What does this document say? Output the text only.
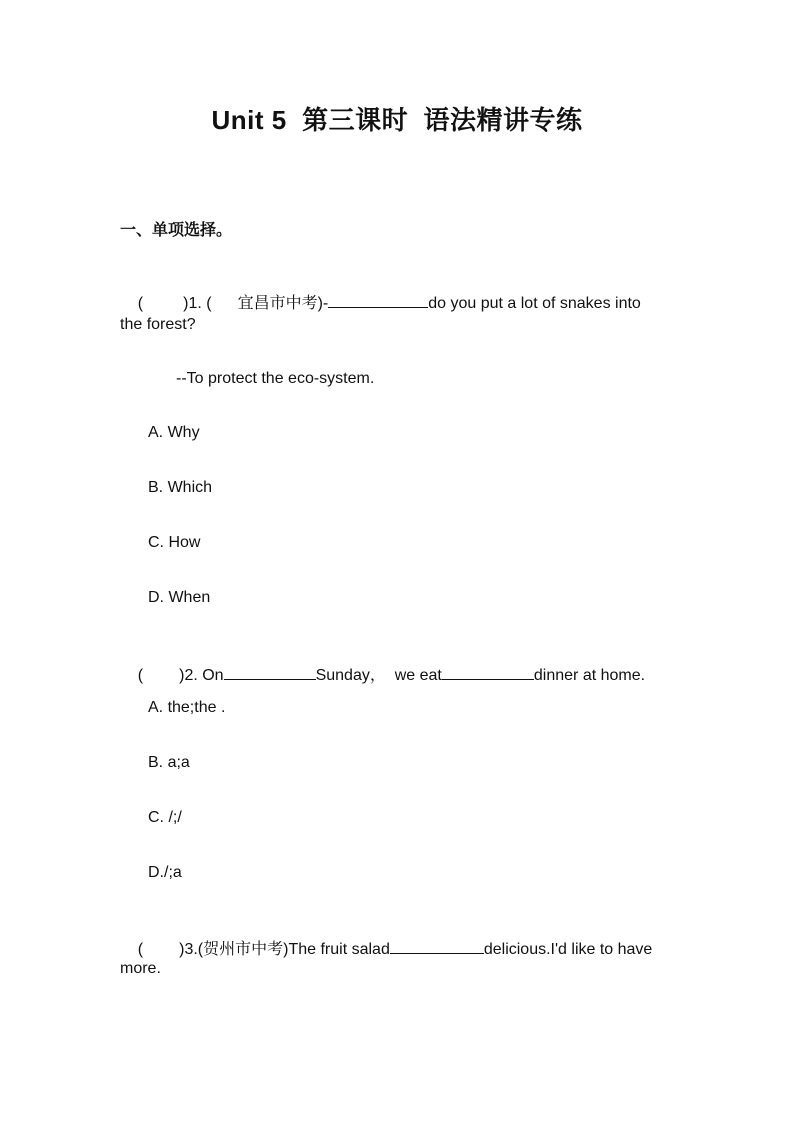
Unit 5  第三课时  语法精讲专练
一、单项选择。

(	)1. ( 宜昌市中考)-	do you put a lot of snakes into

the forest?
--To protect the eco-system.
A. Why
B. Which
C. How
D. When

( )2. On	Sunday，  we eat	dinner at home.

A. the;the .
B. a;a
C. /;/
D./;a

( )3.(贺州市中考)The fruit salad	delicious.I'd like to have

more.
